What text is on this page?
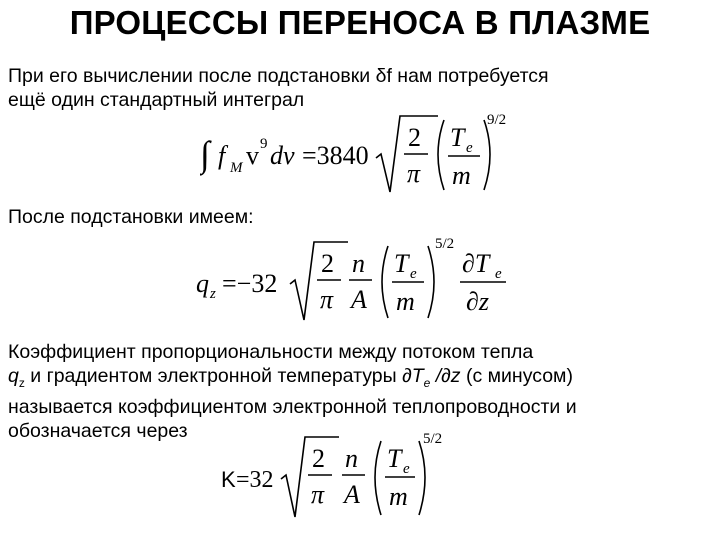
ПРОЦЕССЫ ПЕРЕНОСА В ПЛАЗМЕ
При его вычислении после подстановки δf нам потребуется
ещё один стандартный интеграл
∫ f M v 9 dv =3840
2
π
T e
m
9/2
После подстановки имеем:
q z =−32
2
π
n
A
T e
m
5/2
∂T e
∂z
Коэффициент пропорциональности между потоком тепла
$q_z$ и градиентом электронной температуры $\partial T_e$ /∂z (с минусом)
называется коэффициентом электронной теплопроводности и
обозначается через
K =32
2
π
n
A
T e
m
5/2
